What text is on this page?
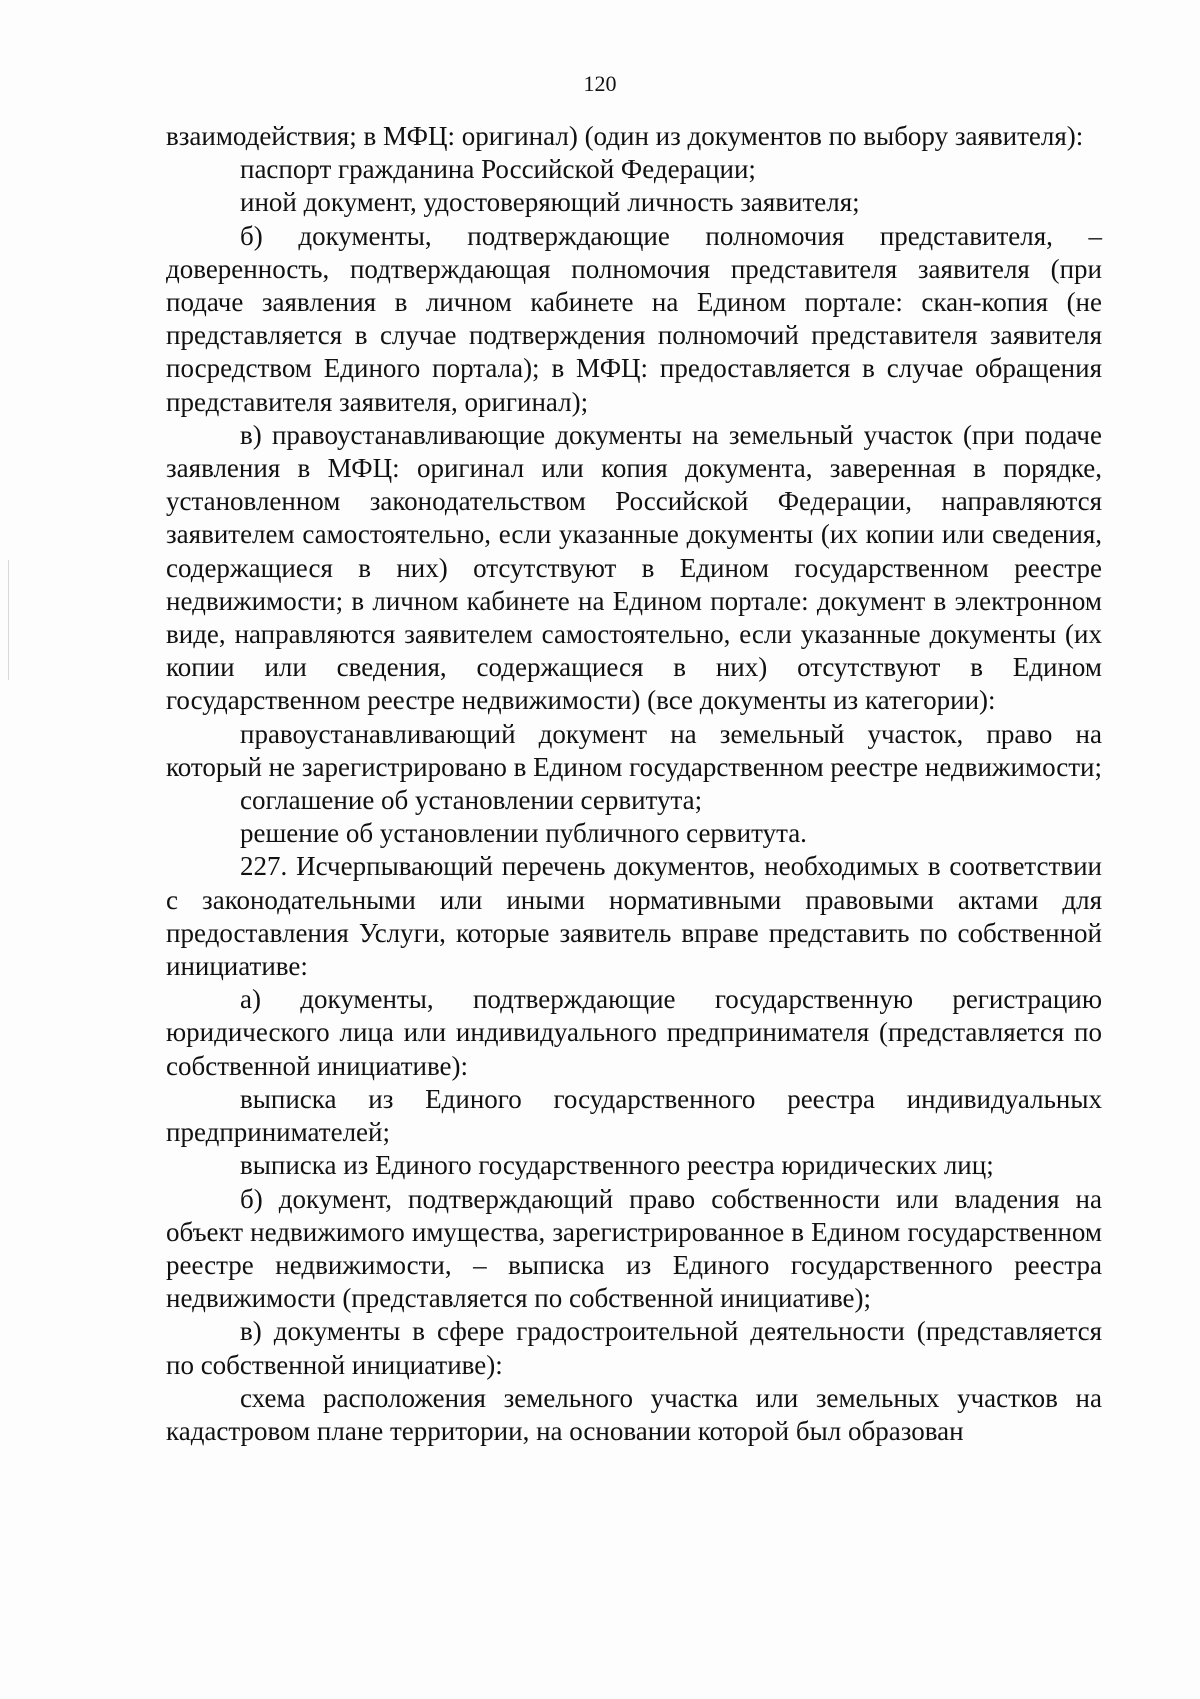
120

взаимодействия; в МФЦ: оригинал) (один из документов по выбору заявителя):

паспорт гражданина Российской Федерации;

иной документ, удостоверяющий личность заявителя;

б) документы, подтверждающие полномочия представителя, – доверенность, подтверждающая полномочия представителя заявителя (при подаче заявления в личном кабинете на Едином портале: скан-копия (не представляется в случае подтверждения полномочий представителя заявителя посредством Единого портала); в МФЦ: предоставляется в случае обращения представителя заявителя, оригинал);

в) правоустанавливающие документы на земельный участок (при подаче заявления в МФЦ: оригинал или копия документа, заверенная в порядке, установленном законодательством Российской Федерации, направляются заявителем самостоятельно, если указанные документы (их копии или сведения, содержащиеся в них) отсутствуют в Едином государственном реестре недвижимости; в личном кабинете на Едином портале: документ в электронном виде, направляются заявителем самостоятельно, если указанные документы (их копии или сведения, содержащиеся в них) отсутствуют в Едином государственном реестре недвижимости) (все документы из категории):

правоустанавливающий документ на земельный участок, право на который не зарегистрировано в Едином государственном реестре недвижимости;

соглашение об установлении сервитута;

решение об установлении публичного сервитута.

227. Исчерпывающий перечень документов, необходимых в соответствии с законодательными или иными нормативными правовыми актами для предоставления Услуги, которые заявитель вправе представить по собственной инициативе:

а) документы, подтверждающие государственную регистрацию юридического лица или индивидуального предпринимателя (представляется по собственной инициативе):

выписка из Единого государственного реестра индивидуальных предпринимателей;

выписка из Единого государственного реестра юридических лиц;

б) документ, подтверждающий право собственности или владения на объект недвижимого имущества, зарегистрированное в Едином государственном реестре недвижимости, – выписка из Единого государственного реестра недвижимости (представляется по собственной инициативе);

в) документы в сфере градостроительной деятельности (представляется по собственной инициативе):

схема расположения земельного участка или земельных участков на кадастровом плане территории, на основании которой был образован
